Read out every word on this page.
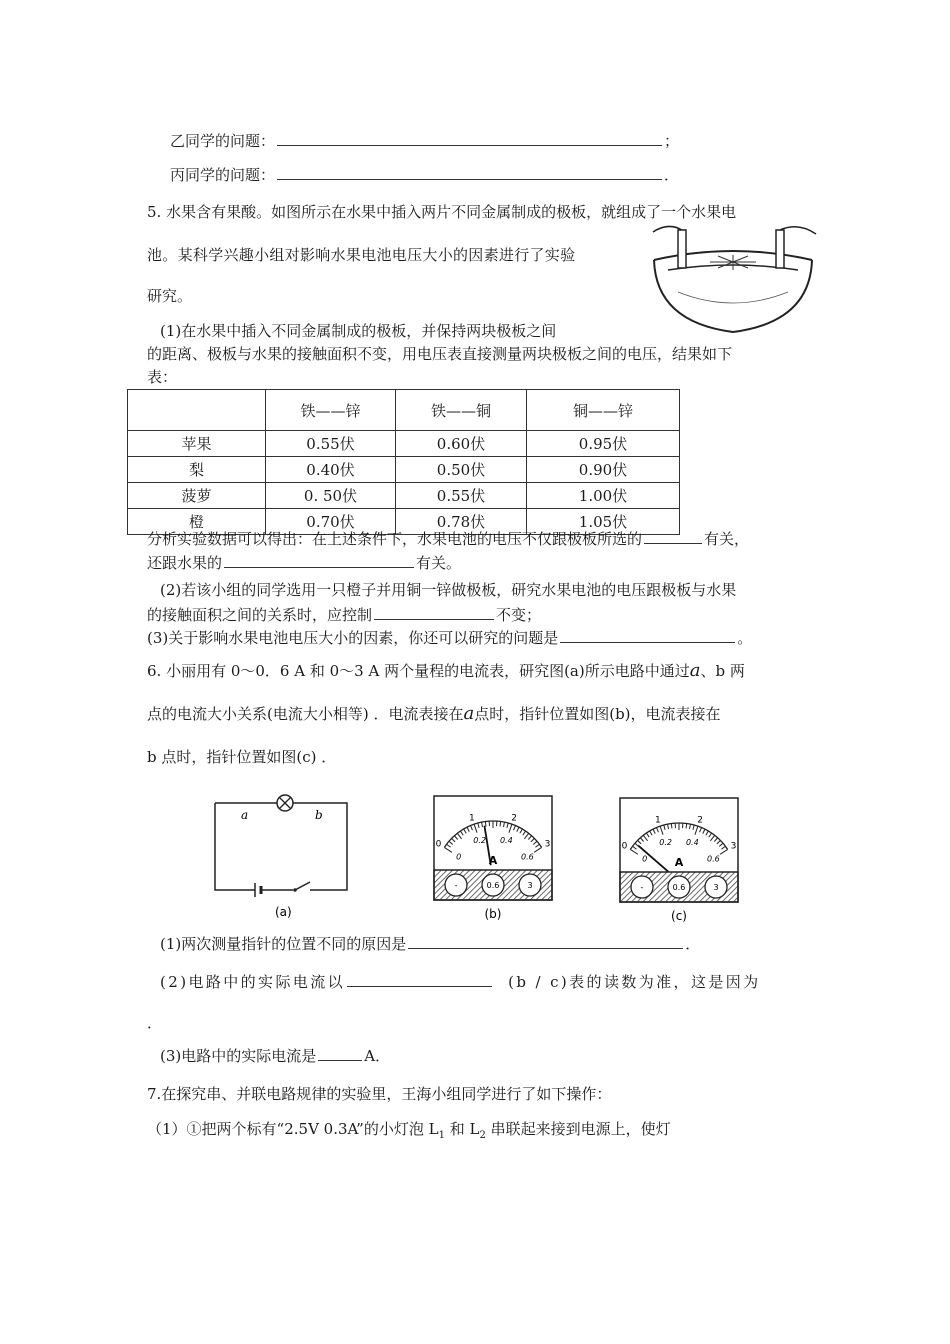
乙同学的问题：	；
丙同学的问题：	．
5. 水果含有果酸。如图所示在水果中插入两片不同金属制成的极板，就组成了一个水果电
池。某科学兴趣小组对影响水果电池电压大小的因素进行了实验
研究。
(1)在水果中插入不同金属制成的极板，并保持两块极板之间
的距离、极板与水果的接触面积不变，用电压表直接测量两块极板之间的电压，结果如下
表：
	铁——锌	铁——铜	铜——锌
苹果	0.55伏	0.60伏	0.95伏
梨	0.40伏	0.50伏	0.90伏
菠萝	0. 50伏	0.55伏	1.00伏
橙	0.70伏	0.78伏	1.05伏
分析实验数据可以得出：在上述条件下，水果电池的电压不仅跟极板所选的	有关，
还跟水果的	有关。
(2)若该小组的同学选用一只橙子并用铜一锌做极板，研究水果电池的电压跟极板与水果
的接触面积之间的关系时，应控制	不变；
(3)关于影响水果电池电压大小的因素，你还可以研究的问题是	。
6. 小丽用有 0～0．6 A 和 0～3 A 两个量程的电流表，研究图(a)所示电路中通过a、b 两
点的电流大小关系(电流大小相等) ．电流表接在a点时，指针位置如图(b)，电流表接在
b 点时，指针位置如图(c) ．
a	b
(a)
0
1	2
3
0
0.2 0.4
0.6
A
-	0.6	3
(b)
0
1	2
3
0
0.2 0.4
0.6
A
-	0.6	3
(c)
(1)两次测量指针的位置不同的原因是	．
(2)电路中的实际电流以	(b / c)表的读数为准，这是因为
．
(3)电路中的实际电流是	A．
7.在探究串、并联电路规律的实验里，王海小组同学进行了如下操作：
（1）①把两个标有“2.5V 0.3A”的小灯泡 $L_1$ 和 $L_2$ 串联起来接到电源上，使灯
